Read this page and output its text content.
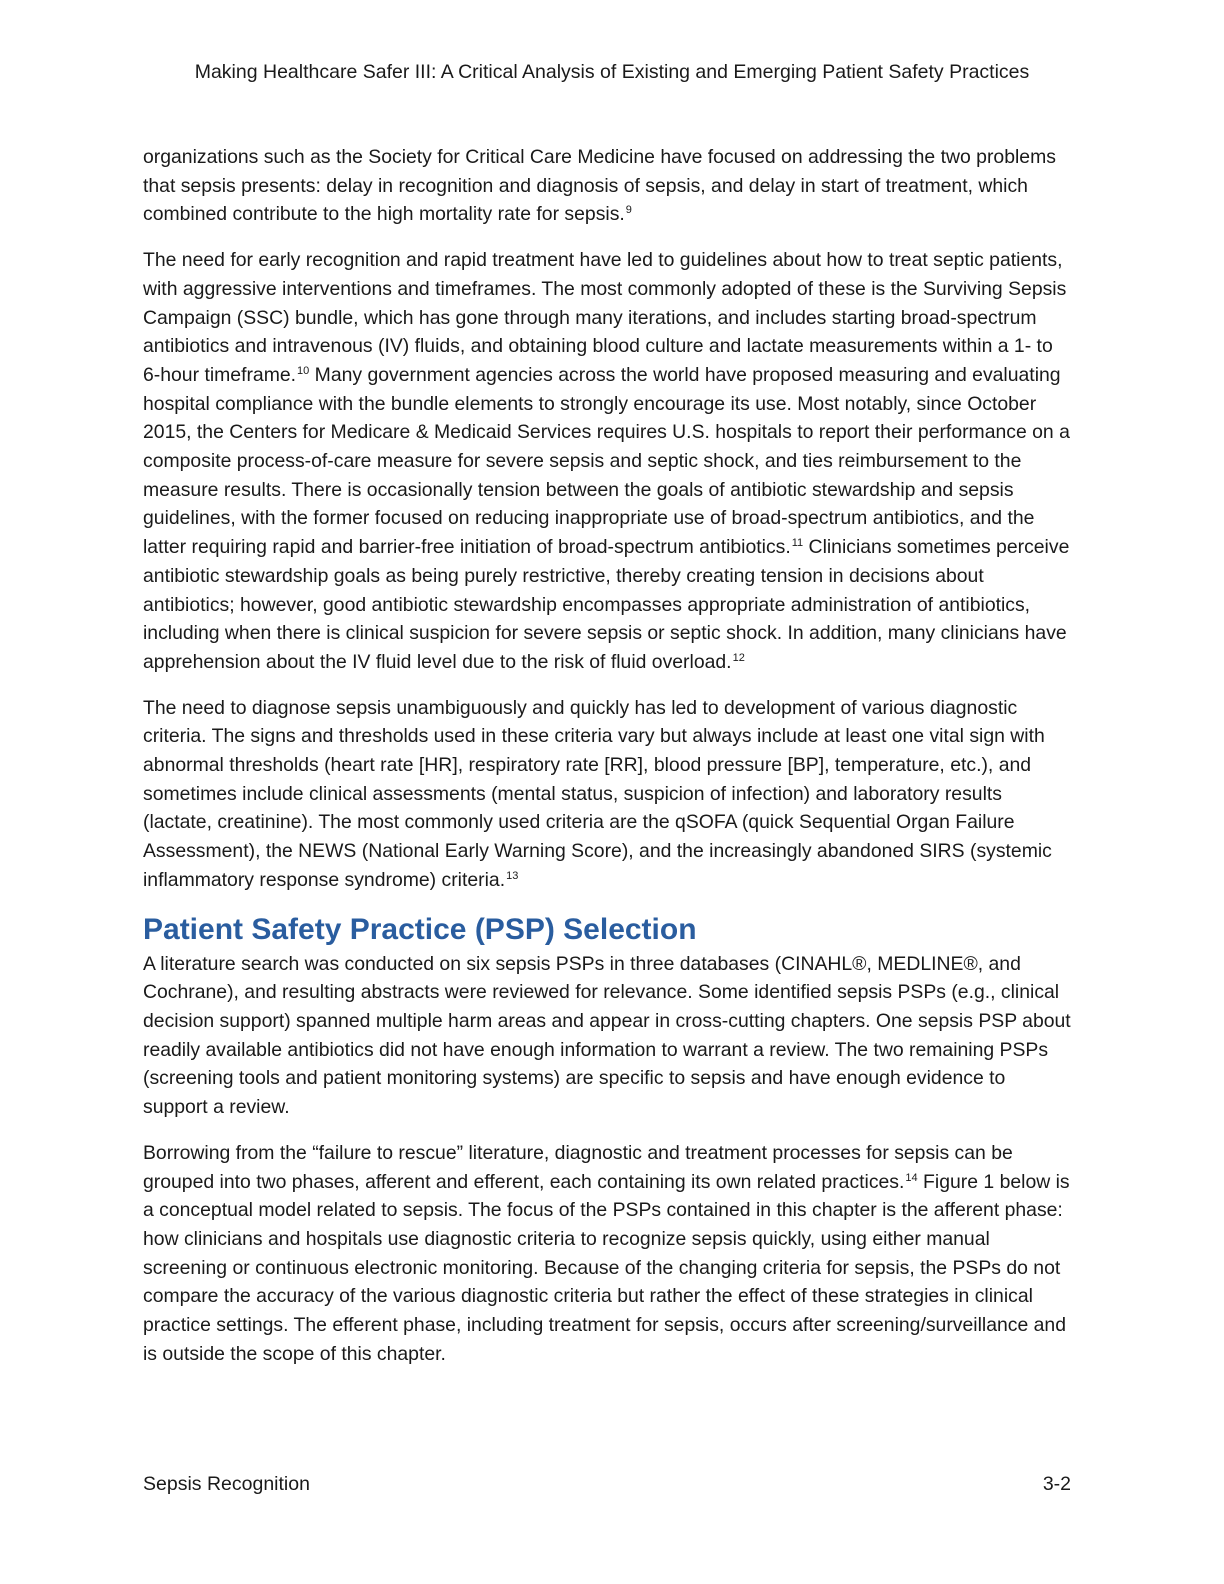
Making Healthcare Safer III: A Critical Analysis of Existing and Emerging Patient Safety Practices

organizations such as the Society for Critical Care Medicine have focused on addressing the two problems that sepsis presents: delay in recognition and diagnosis of sepsis, and delay in start of treatment, which combined contribute to the high mortality rate for sepsis.$^9$

The need for early recognition and rapid treatment have led to guidelines about how to treat septic patients, with aggressive interventions and timeframes. The most commonly adopted of these is the Surviving Sepsis Campaign (SSC) bundle, which has gone through many iterations, and includes starting broad-spectrum antibiotics and intravenous (IV) fluids, and obtaining blood culture and lactate measurements within a 1- to 6-hour timeframe.$^{10}$ Many government agencies across the world have proposed measuring and evaluating hospital compliance with the bundle elements to strongly encourage its use. Most notably, since October 2015, the Centers for Medicare & Medicaid Services requires U.S. hospitals to report their performance on a composite process-of-care measure for severe sepsis and septic shock, and ties reimbursement to the measure results. There is occasionally tension between the goals of antibiotic stewardship and sepsis guidelines, with the former focused on reducing inappropriate use of broad-spectrum antibiotics, and the latter requiring rapid and barrier-free initiation of broad-spectrum antibiotics.$^{11}$ Clinicians sometimes perceive antibiotic stewardship goals as being purely restrictive, thereby creating tension in decisions about antibiotics; however, good antibiotic stewardship encompasses appropriate administration of antibiotics, including when there is clinical suspicion for severe sepsis or septic shock. In addition, many clinicians have apprehension about the IV fluid level due to the risk of fluid overload.$^{12}$

The need to diagnose sepsis unambiguously and quickly has led to development of various diagnostic criteria. The signs and thresholds used in these criteria vary but always include at least one vital sign with abnormal thresholds (heart rate [HR], respiratory rate [RR], blood pressure [BP], temperature, etc.), and sometimes include clinical assessments (mental status, suspicion of infection) and laboratory results (lactate, creatinine). The most commonly used criteria are the qSOFA (quick Sequential Organ Failure Assessment), the NEWS (National Early Warning Score), and the increasingly abandoned SIRS (systemic inflammatory response syndrome) criteria.$^{13}$

Patient Safety Practice (PSP) Selection

A literature search was conducted on six sepsis PSPs in three databases (CINAHL®, MEDLINE®, and Cochrane), and resulting abstracts were reviewed for relevance. Some identified sepsis PSPs (e.g., clinical decision support) spanned multiple harm areas and appear in cross-cutting chapters. One sepsis PSP about readily available antibiotics did not have enough information to warrant a review. The two remaining PSPs (screening tools and patient monitoring systems) are specific to sepsis and have enough evidence to support a review.

Borrowing from the “failure to rescue” literature, diagnostic and treatment processes for sepsis can be grouped into two phases, afferent and efferent, each containing its own related practices.$^{14}$ Figure 1 below is a conceptual model related to sepsis. The focus of the PSPs contained in this chapter is the afferent phase: how clinicians and hospitals use diagnostic criteria to recognize sepsis quickly, using either manual screening or continuous electronic monitoring. Because of the changing criteria for sepsis, the PSPs do not compare the accuracy of the various diagnostic criteria but rather the effect of these strategies in clinical practice settings. The efferent phase, including treatment for sepsis, occurs after screening/surveillance and is outside the scope of this chapter.

Sepsis Recognition	3-2
